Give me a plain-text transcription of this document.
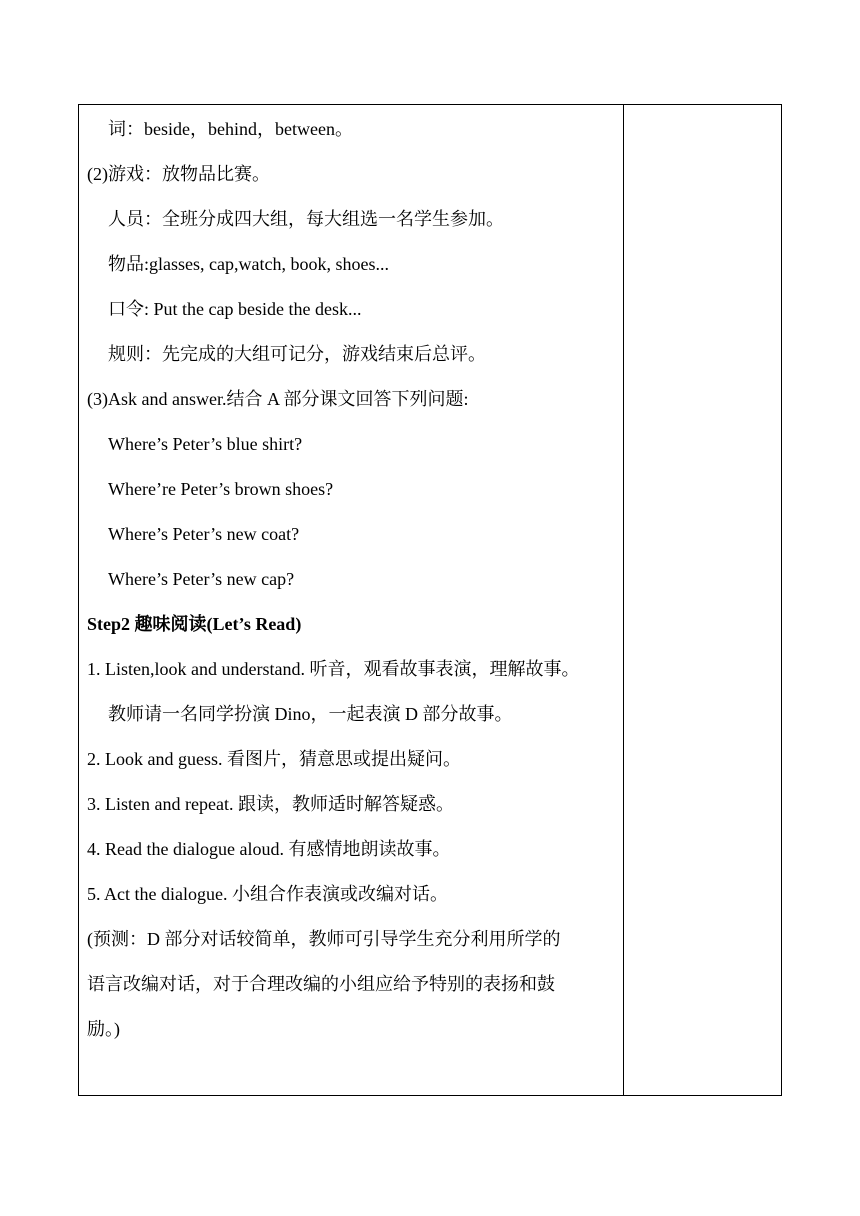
词：beside，behind，between。
(2)游戏：放物品比赛。
人员：全班分成四大组，每大组选一名学生参加。
物品:glasses, cap,watch, book, shoes...
口令: Put the cap beside the desk...
规则：先完成的大组可记分，游戏结束后总评。
(3)Ask and answer.结合 A 部分课文回答下列问题:
Where’s Peter’s blue shirt?
Where’re Peter’s brown shoes?
Where’s Peter’s new coat?
Where’s Peter’s new cap?
Step2 趣味阅读(Let’s Read)
1. Listen,look and understand. 听音，观看故事表演，理解故事。
教师请一名同学扮演 Dino，一起表演 D 部分故事。
2. Look and guess. 看图片，猜意思或提出疑问。
3. Listen and repeat. 跟读，教师适时解答疑惑。
4. Read the dialogue aloud. 有感情地朗读故事。
5. Act the dialogue. 小组合作表演或改编对话。
(预测：D 部分对话较简单，教师可引导学生充分利用所学的
语言改编对话，对于合理改编的小组应给予特别的表扬和鼓
励。)
